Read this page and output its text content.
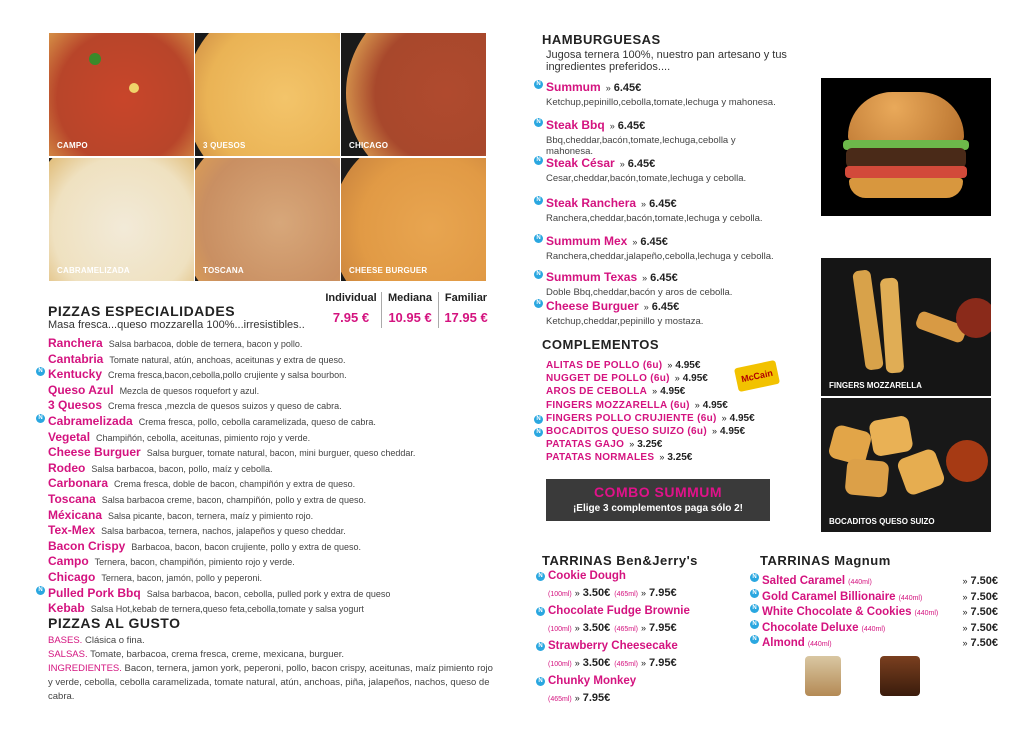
CAMPO	3 QUESOS	CHICAGO
CABRAMELIZADA	TOSCANA	CHEESE BURGUER
PIZZAS ESPECIALIDADES
Masa fresca...queso mozzarella 100%...irresistibles..
Individual	Mediana	Familiar
7.95 €	10.95 € 17.95 €
Ranchera Salsa barbacoa, doble de ternera, bacon y pollo.
Cantabria Tomate natural, atún, anchoas, aceitunas y extra de queso.
N Kentucky Crema fresca,bacon,cebolla,pollo crujiente y salsa bourbon.
Queso Azul Mezcla de quesos roquefort y azul.
3 Quesos Crema fresca ,mezcla de quesos suizos y queso de cabra.
N Cabramelizada Crema fresca, pollo, cebolla caramelizada, queso de cabra.
Vegetal Champiñón, cebolla, aceitunas, pimiento rojo y verde.
Cheese Burguer Salsa burguer, tomate natural, bacon, mini burguer, queso cheddar.
Rodeo Salsa barbacoa, bacon, pollo, maíz y cebolla.
Carbonara Crema fresca, doble de bacon, champiñón y extra de queso.
Toscana Salsa barbacoa creme, bacon, champiñón, pollo y extra de queso.
Méxicana Salsa picante, bacon, ternera, maíz y pimiento rojo.
Tex-Mex Salsa barbacoa, ternera, nachos, jalapeños y queso cheddar.
Bacon Crispy Barbacoa, bacon, bacon crujiente, pollo y extra de queso.
Campo Ternera, bacon, champiñón, pimiento rojo y verde.
Chicago Ternera, bacon, jamón, pollo y peperoni.
N Pulled Pork Bbq Salsa barbacoa, bacon, cebolla, pulled pork y extra de queso
Kebab Salsa Hot,kebab de ternera,queso feta,cebolla,tomate y salsa yogurt
PIZZAS AL GUSTO
BASES. Clásica o fina.
SALSAS. Tomate, barbacoa, crema fresca, creme, mexicana, burguer.
INGREDIENTES. Bacon, ternera, jamon york, peperoni, pollo, bacon crispy, aceitunas, maíz pimiento rojo y verde, cebolla, cebolla caramelizada, tomate natural, atún, anchoas, piña, jalapeños, nachos, queso de cabra.
HAMBURGUESAS
Jugosa ternera 100%, nuestro pan artesano y tus ingredientes preferidos....
N Summum » 6.45€
Ketchup,pepinillo,cebolla,tomate,lechuga y mahonesa.
N Steak Bbq » 6.45€
Bbq,cheddar,bacón,tomate,lechuga,cebolla y mahonesa.
N Steak César » 6.45€
Cesar,cheddar,bacón,tomate,lechuga y cebolla.
N Steak Ranchera » 6.45€
Ranchera,cheddar,bacón,tomate,lechuga y cebolla.
N Summum Mex » 6.45€
Ranchera,cheddar,jalapeño,cebolla,lechuga y cebolla.
N Summum Texas » 6.45€
Doble Bbq,cheddar,bacón y aros de cebolla.
N Cheese Burguer » 6.45€
Ketchup,cheddar,pepinillo y mostaza.
COMPLEMENTOS
ALITAS DE POLLO (6u) » 4.95€
NUGGET DE POLLO (6u) » 4.95€
AROS DE CEBOLLA » 4.95€
FINGERS MOZZARELLA (6u) » 4.95€
N FINGERS POLLO CRUJIENTE (6u) » 4.95€
N BOCADITOS QUESO SUIZO (6u) » 4.95€
PATATAS GAJO » 3.25€
PATATAS NORMALES » 3.25€
McCain
COMBO SUMMUM
¡Elige 3 complementos paga sólo 2!
FINGERS MOZZARELLA
BOCADITOS QUESO SUIZO
TARRINAS Ben&Jerry's
N Cookie Dough
(100ml) » 3.50€ (465ml) » 7.95€
N Chocolate Fudge Brownie
(100ml) » 3.50€ (465ml) » 7.95€
N Strawberry Cheesecake
(100ml) » 3.50€ (465ml) » 7.95€
N Chunky Monkey
(465ml) » 7.95€
TARRINAS Magnum
N Salted Caramel (440ml)	» 7.50€
N Gold Caramel Billionaire (440ml)	» 7.50€
N White Chocolate & Cookies (440ml)	» 7.50€
N Chocolate Deluxe (440ml)	» 7.50€
N Almond (440ml)	» 7.50€
